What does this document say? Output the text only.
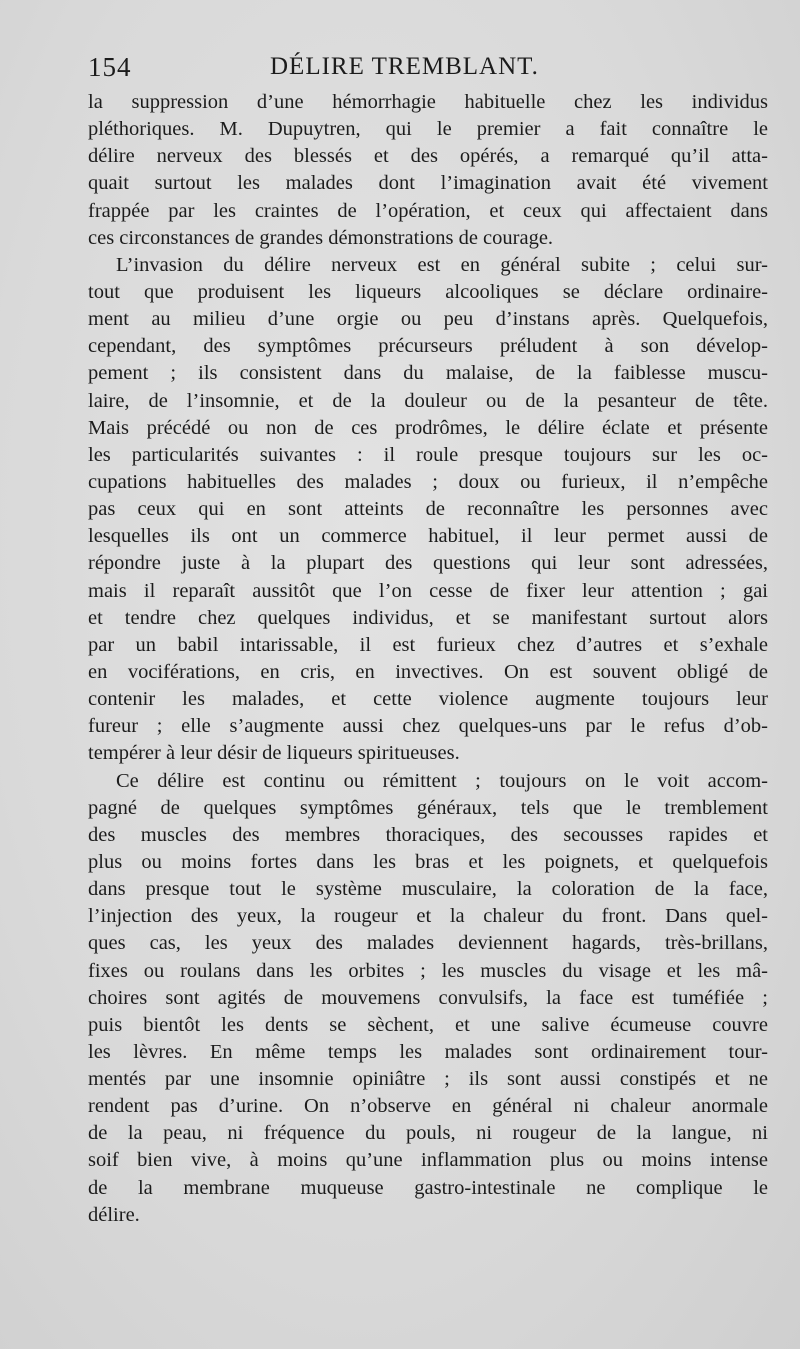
154	DÉLIRE TREMBLANT.
la suppression d’une hémorrhagie habituelle chez les individus
pléthoriques. M. Dupuytren, qui le premier a fait connaître le
délire nerveux des blessés et des opérés, a remarqué qu’il atta-
quait surtout les malades dont l’imagination avait été vivement
frappée par les craintes de l’opération, et ceux qui affectaient dans
ces circonstances de grandes démonstrations de courage.
L’invasion du délire nerveux est en général subite ; celui sur-
tout que produisent les liqueurs alcooliques se déclare ordinaire-
ment au milieu d’une orgie ou peu d’instans après. Quelquefois,
cependant, des symptômes précurseurs préludent à son dévelop-
pement ; ils consistent dans du malaise, de la faiblesse muscu-
laire, de l’insomnie, et de la douleur ou de la pesanteur de tête.
Mais précédé ou non de ces prodrômes, le délire éclate et présente
les particularités suivantes : il roule presque toujours sur les oc-
cupations habituelles des malades ; doux ou furieux, il n’empêche
pas ceux qui en sont atteints de reconnaître les personnes avec
lesquelles ils ont un commerce habituel, il leur permet aussi de
répondre juste à la plupart des questions qui leur sont adressées,
mais il reparaît aussitôt que l’on cesse de fixer leur attention ; gai
et tendre chez quelques individus, et se manifestant surtout alors
par un babil intarissable, il est furieux chez d’autres et s’exhale
en vociférations, en cris, en invectives. On est souvent obligé de
contenir les malades, et cette violence augmente toujours leur
fureur ; elle s’augmente aussi chez quelques-uns par le refus d’ob-
tempérer à leur désir de liqueurs spiritueuses.
Ce délire est continu ou rémittent ; toujours on le voit accom-
pagné de quelques symptômes généraux, tels que le tremblement
des muscles des membres thoraciques, des secousses rapides et
plus ou moins fortes dans les bras et les poignets, et quelquefois
dans presque tout le système musculaire, la coloration de la face,
l’injection des yeux, la rougeur et la chaleur du front. Dans quel-
ques cas, les yeux des malades deviennent hagards, très-brillans,
fixes ou roulans dans les orbites ; les muscles du visage et les mâ-
choires sont agités de mouvemens convulsifs, la face est tuméfiée ;
puis bientôt les dents se sèchent, et une salive écumeuse couvre
les lèvres. En même temps les malades sont ordinairement tour-
mentés par une insomnie opiniâtre ; ils sont aussi constipés et ne
rendent pas d’urine. On n’observe en général ni chaleur anormale
de la peau, ni fréquence du pouls, ni rougeur de la langue, ni
soif bien vive, à moins qu’une inflammation plus ou moins intense
de la membrane muqueuse gastro-intestinale ne complique le
délire.
